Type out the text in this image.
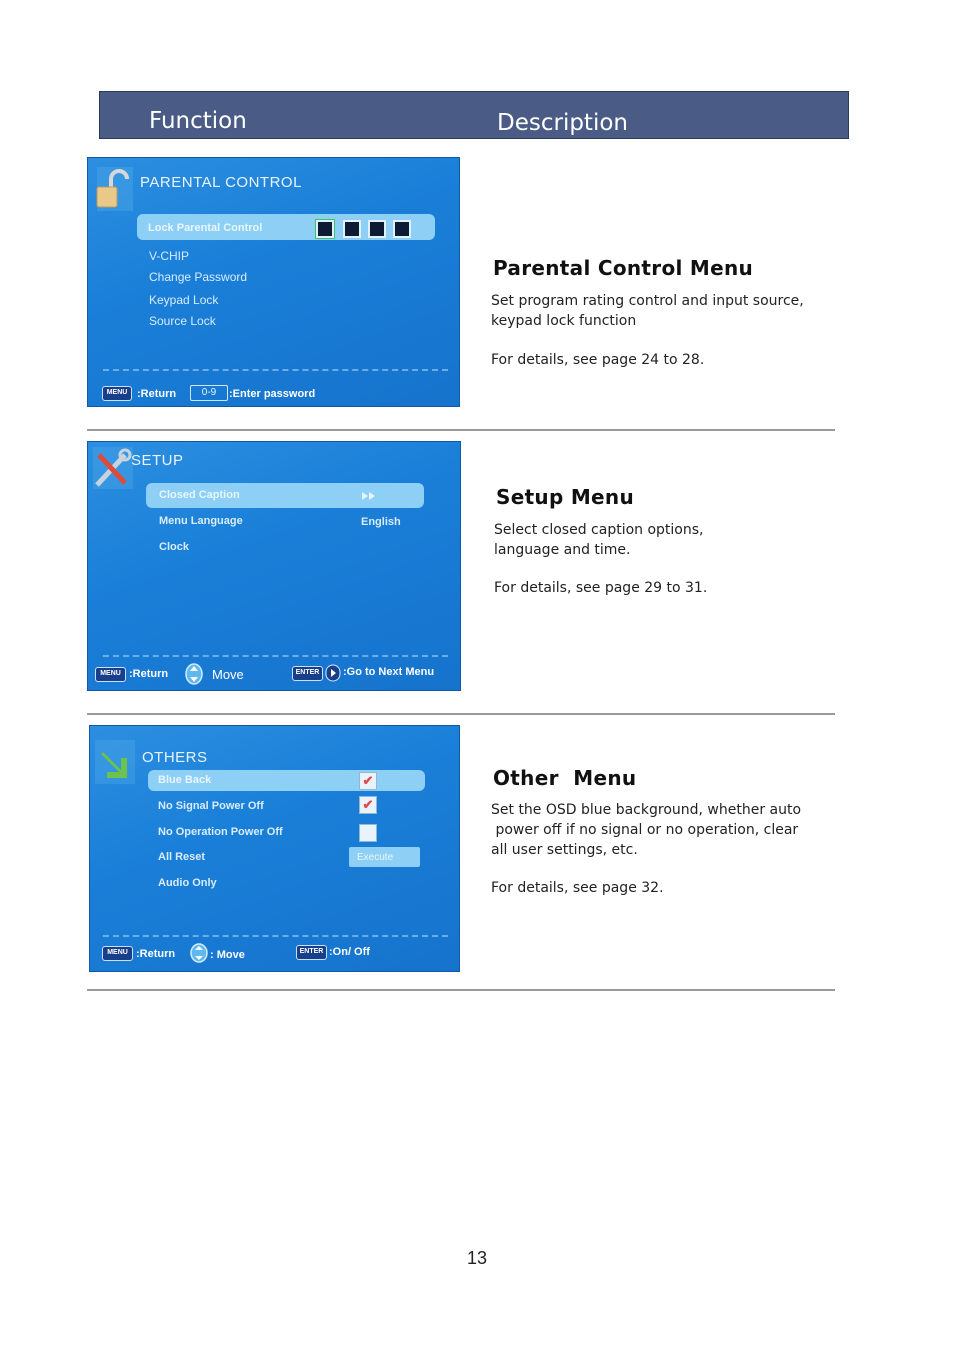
Function	Description
PARENTAL CONTROL
Lock Parental Control
V-CHIP
Change Password
Keypad Lock
Source Lock
MENU :Return	0-9	:Enter password
Parental Control Menu
Set program rating control and input source,
keypad lock function
For details, see page 24 to 28.
SETUP
Closed Caption
Menu Language	English
Clock
MENU :Return	Move	ENTER	:Go to Next Menu
Setup Menu
Select closed caption options,
language and time.
For details, see page 29 to 31.
OTHERS
Blue Back	✔
No Signal Power Off	✔
No Operation Power Off
All Reset	Execute
Audio Only
MENU :Return	: Move	ENTER :On/ Off
Other  Menu
Set the OSD blue background, whether auto
power off if no signal or no operation, clear
all user settings, etc.
For details, see page 32.
13
